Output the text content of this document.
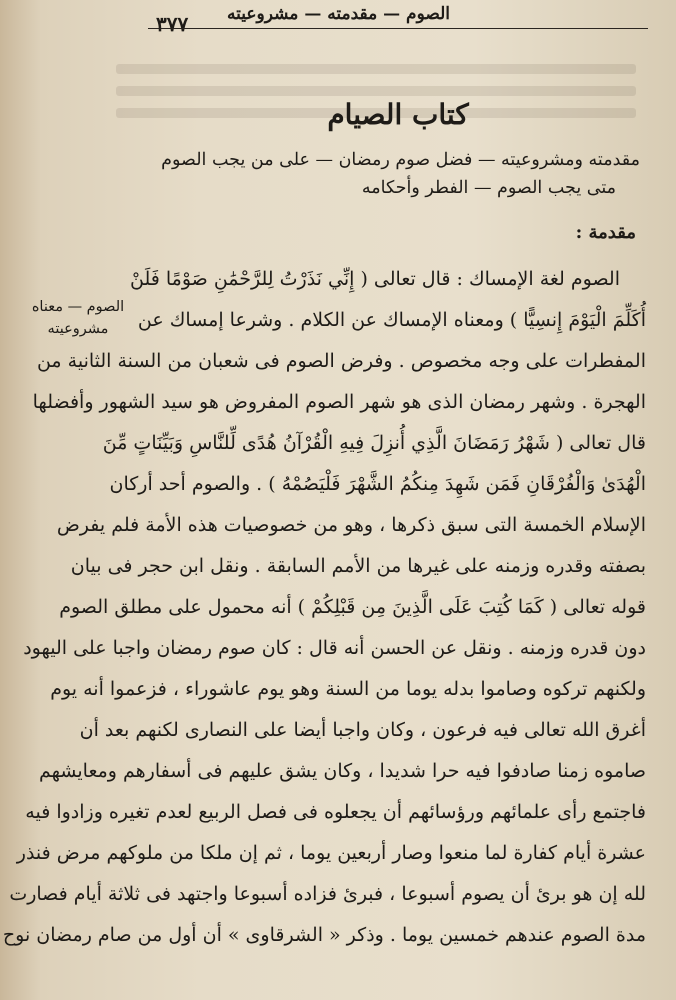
الصوم — مقدمته — مشروعيته
٣٧٧
كتاب الصيام
مقدمته ومشروعيته — فضل صوم رمضان — على من يجب الصوم
متى يجب الصوم — الفطر وأحكامه
مقدمة :
الصوم — معناه
مشروعيته
الصوم لغة الإمساك : قال تعالى ( إِنِّي نَذَرْتُ لِلرَّحْمَٰنِ صَوْمًا فَلَنْ
أُكَلِّمَ الْيَوْمَ إِنسِيًّا ) ومعناه الإمساك عن الكلام . وشرعا إمساك عن
المفطرات على وجه مخصوص . وفرض الصوم فى شعبان من السنة الثانية من
الهجرة . وشهر رمضان الذى هو شهر الصوم المفروض هو سيد الشهور وأفضلها
قال تعالى ( شَهْرُ رَمَضَانَ الَّذِي أُنزِلَ فِيهِ الْقُرْآنُ هُدًى لِّلنَّاسِ وَبَيِّنَاتٍ مِّنَ
الْهُدَىٰ وَالْفُرْقَانِ فَمَن شَهِدَ مِنكُمُ الشَّهْرَ فَلْيَصُمْهُ ) . والصوم أحد أركان
الإسلام الخمسة التى سبق ذكرها ، وهو من خصوصيات هذه الأمة فلم يفرض
بصفته وقدره وزمنه على غيرها من الأمم السابقة . ونقل ابن حجر فى بيان
قوله تعالى ( كَمَا كُتِبَ عَلَى الَّذِينَ مِن قَبْلِكُمْ ) أنه محمول على مطلق الصوم
دون قدره وزمنه . ونقل عن الحسن أنه قال : كان صوم رمضان واجبا على اليهود
ولكنهم تركوه وصاموا بدله يوما من السنة وهو يوم عاشوراء ، فزعموا أنه يوم
أغرق الله تعالى فيه فرعون ، وكان واجبا أيضا على النصارى لكنهم بعد أن
صاموه زمنا صادفوا فيه حرا شديدا ، وكان يشق عليهم فى أسفارهم ومعايشهم
فاجتمع رأى علمائهم ورؤسائهم أن يجعلوه فى فصل الربيع لعدم تغيره وزادوا فيه
عشرة أيام كفارة لما منعوا وصار أربعين يوما ، ثم إن ملكا من ملوكهم مرض فنذر
لله إن هو برئ أن يصوم أسبوعا ، فبرئ فزاده أسبوعا واجتهد فى ثلاثة أيام فصارت
مدة الصوم عندهم خمسين يوما . وذكر « الشرقاوى » أن أول من صام رمضان نوح
